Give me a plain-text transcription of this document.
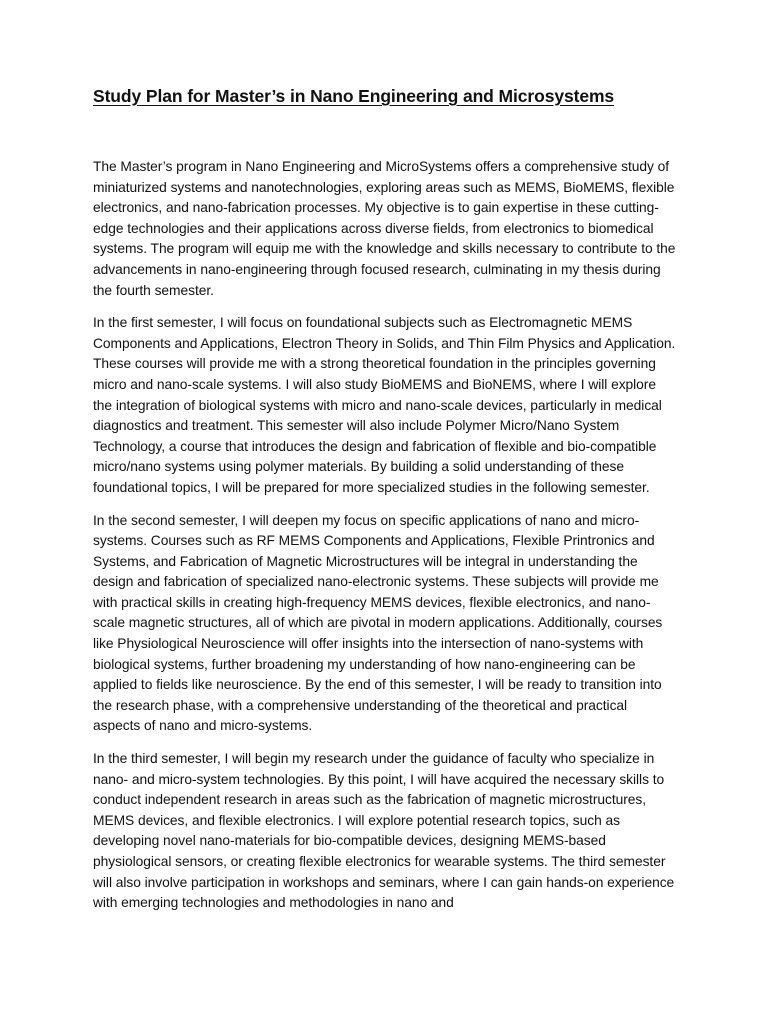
Study Plan for Master’s in Nano Engineering and Microsystems

The Master’s program in Nano Engineering and MicroSystems offers a comprehensive study of miniaturized systems and nanotechnologies, exploring areas such as MEMS, BioMEMS, flexible electronics, and nano-fabrication processes. My objective is to gain expertise in these cutting-edge technologies and their applications across diverse fields, from electronics to biomedical systems. The program will equip me with the knowledge and skills necessary to contribute to the advancements in nano-engineering through focused research, culminating in my thesis during the fourth semester.

In the first semester, I will focus on foundational subjects such as Electromagnetic MEMS Components and Applications, Electron Theory in Solids, and Thin Film Physics and Application. These courses will provide me with a strong theoretical foundation in the principles governing micro and nano-scale systems. I will also study BioMEMS and BioNEMS, where I will explore the integration of biological systems with micro and nano-scale devices, particularly in medical diagnostics and treatment. This semester will also include Polymer Micro/Nano System Technology, a course that introduces the design and fabrication of flexible and bio-compatible micro/nano systems using polymer materials. By building a solid understanding of these foundational topics, I will be prepared for more specialized studies in the following semester.

In the second semester, I will deepen my focus on specific applications of nano and micro-systems. Courses such as RF MEMS Components and Applications, Flexible Printronics and Systems, and Fabrication of Magnetic Microstructures will be integral in understanding the design and fabrication of specialized nano-electronic systems. These subjects will provide me with practical skills in creating high-frequency MEMS devices, flexible electronics, and nano-scale magnetic structures, all of which are pivotal in modern applications. Additionally, courses like Physiological Neuroscience will offer insights into the intersection of nano-systems with biological systems, further broadening my understanding of how nano-engineering can be applied to fields like neuroscience. By the end of this semester, I will be ready to transition into the research phase, with a comprehensive understanding of the theoretical and practical aspects of nano and micro-systems.

In the third semester, I will begin my research under the guidance of faculty who specialize in nano- and micro-system technologies. By this point, I will have acquired the necessary skills to conduct independent research in areas such as the fabrication of magnetic microstructures, MEMS devices, and flexible electronics. I will explore potential research topics, such as developing novel nano-materials for bio-compatible devices, designing MEMS-based physiological sensors, or creating flexible electronics for wearable systems. The third semester will also involve participation in workshops and seminars, where I can gain hands-on experience with emerging technologies and methodologies in nano and
